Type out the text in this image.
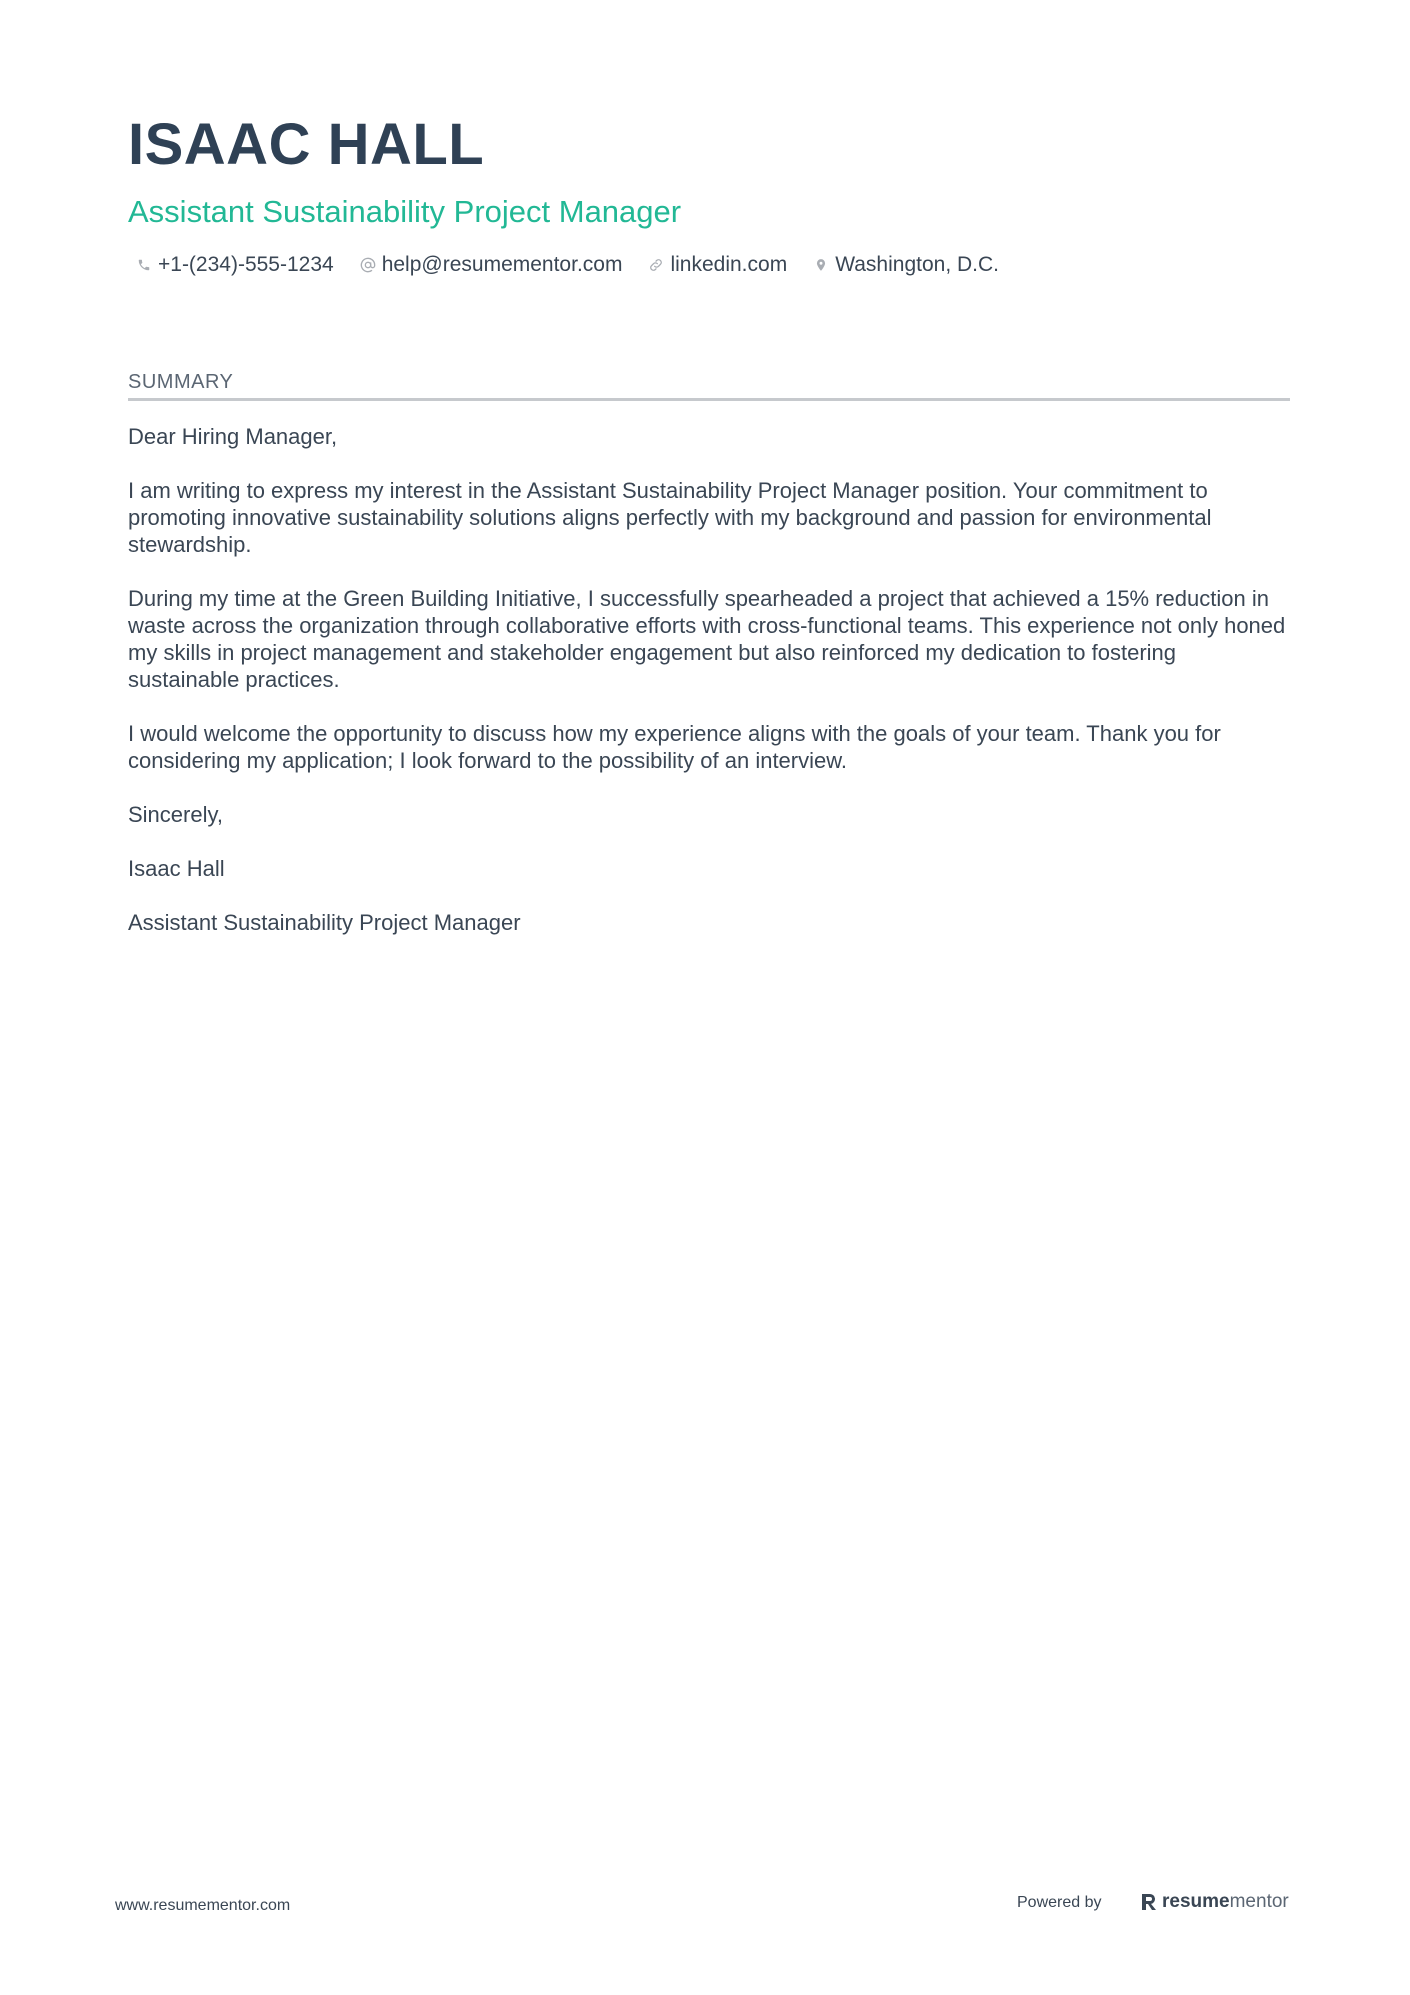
ISAAC HALL
Assistant Sustainability Project Manager
+1-(234)-555-1234 help@resumementor.com linkedin.com Washington, D.C.
SUMMARY

Dear Hiring Manager,

I am writing to express my interest in the Assistant Sustainability Project Manager position. Your commitment to promoting innovative sustainability solutions aligns perfectly with my background and passion for environmental stewardship.

During my time at the Green Building Initiative, I successfully spearheaded a project that achieved a 15% reduction in waste across the organization through collaborative efforts with cross-functional teams. This experience not only honed my skills in project management and stakeholder engagement but also reinforced my dedication to fostering sustainable practices.

I would welcome the opportunity to discuss how my experience aligns with the goals of your team. Thank you for considering my application; I look forward to the possibility of an interview.

Sincerely,

Isaac Hall

Assistant Sustainability Project Manager

www.resumementor.com	Powered by	resume mentor
